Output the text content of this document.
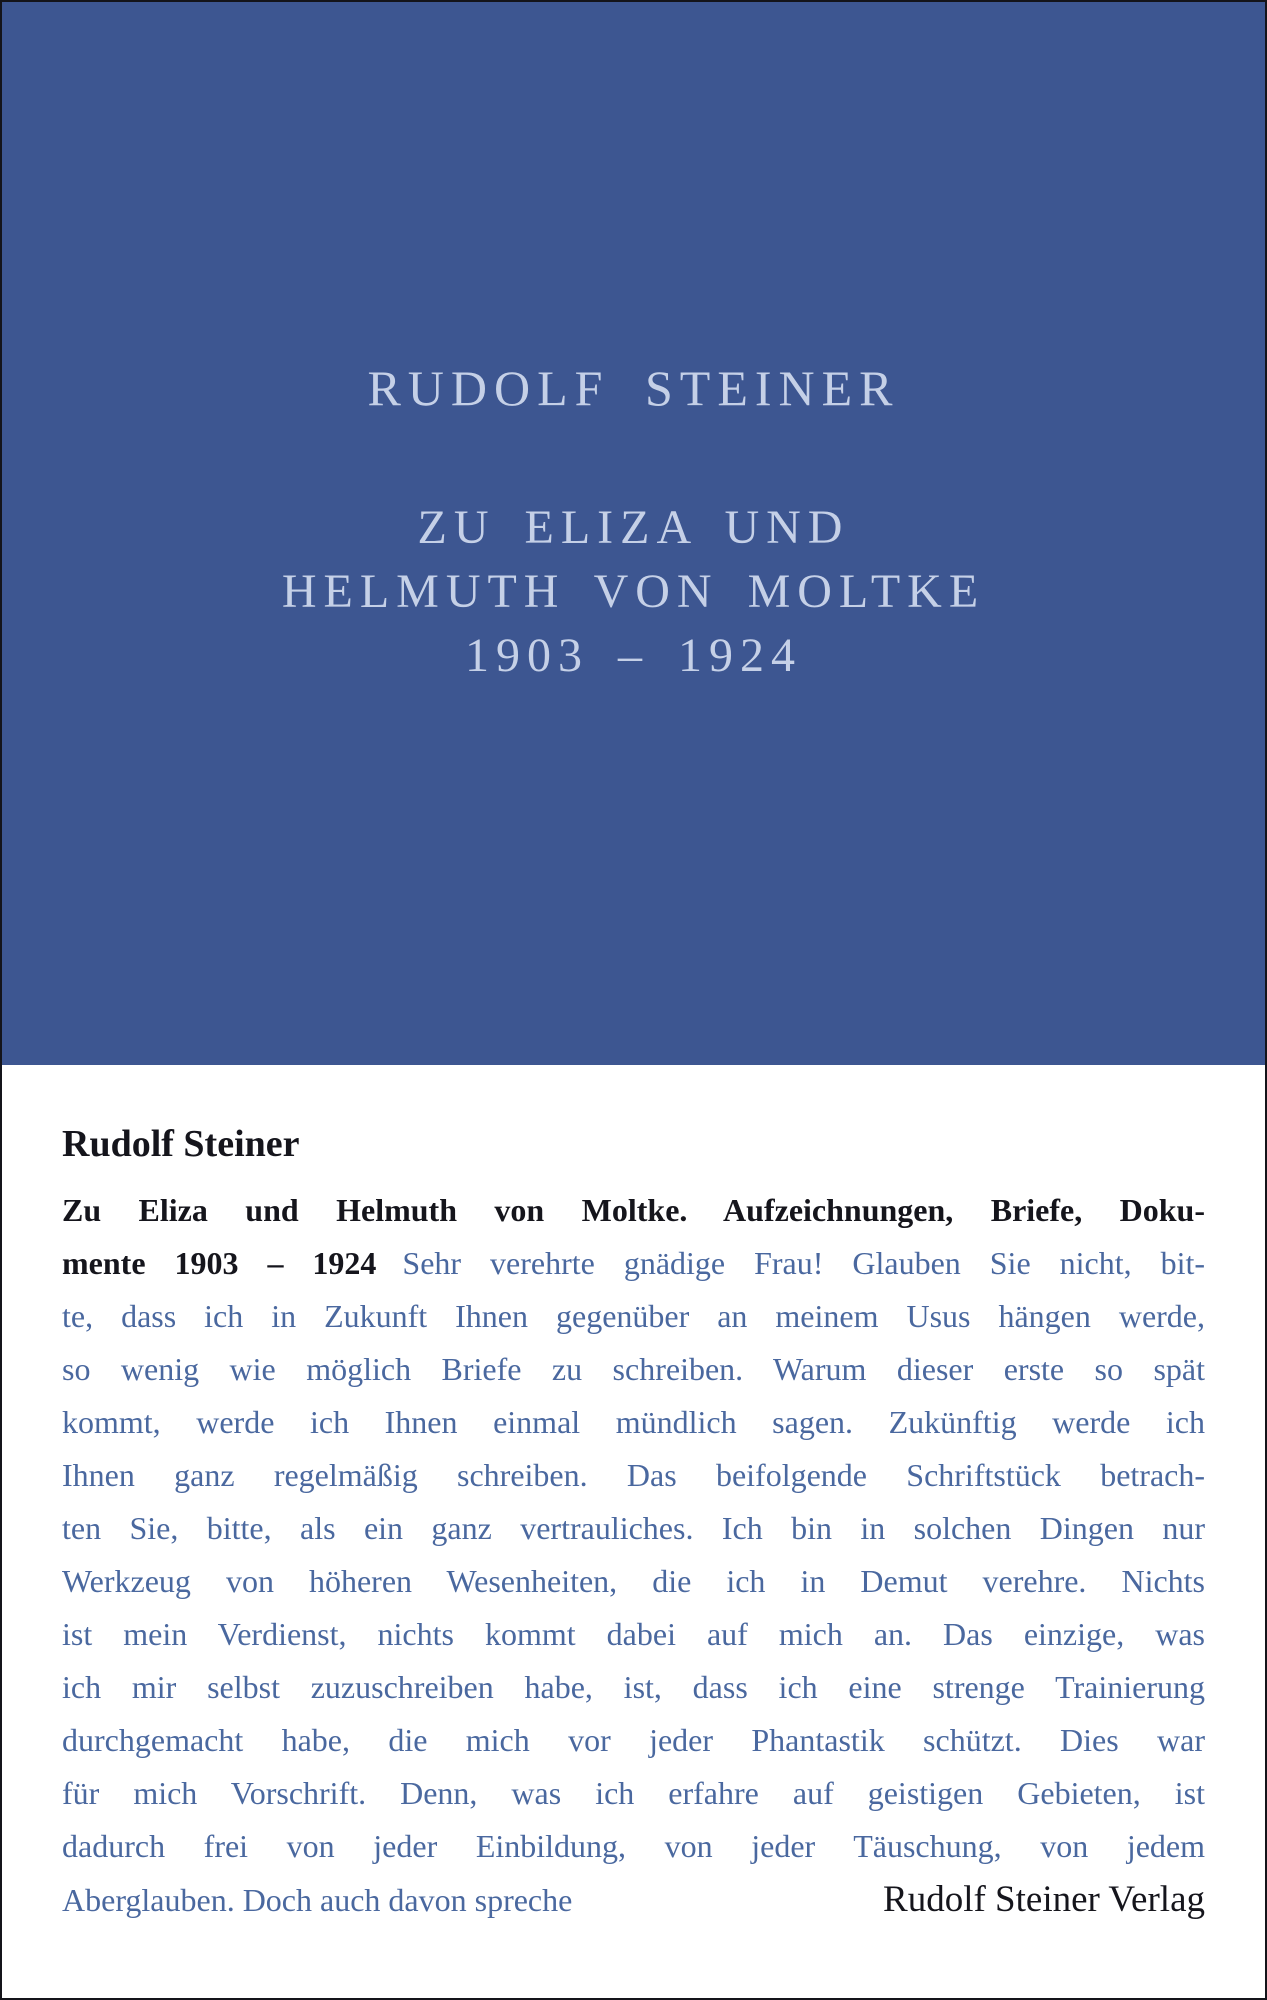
RUDOLF STEINER
ZU ELIZA UND
HELMUTH VON MOLTKE
1903 – 1924
Rudolf Steiner
Zu Eliza und Helmuth von Moltke. Aufzeichnungen, Briefe, Doku-
mente 1903 – 1924 Sehr verehrte gnädige Frau! Glauben Sie nicht, bit-
te, dass ich in Zukunft Ihnen gegenüber an meinem Usus hängen werde,
so wenig wie möglich Briefe zu schreiben. Warum dieser erste so spät
kommt, werde ich Ihnen einmal mündlich sagen. Zukünftig werde ich
Ihnen ganz regelmäßig schreiben. Das beifolgende Schriftstück betrach-
ten Sie, bitte, als ein ganz vertrauliches. Ich bin in solchen Dingen nur
Werkzeug von höheren Wesenheiten, die ich in Demut verehre. Nichts
ist mein Verdienst, nichts kommt dabei auf mich an. Das einzige, was
ich mir selbst zuzuschreiben habe, ist, dass ich eine strenge Trainierung
durchgemacht habe, die mich vor jeder Phantastik schützt. Dies war
für mich Vorschrift. Denn, was ich erfahre auf geistigen Gebieten, ist
dadurch frei von jeder Einbildung, von jeder Täuschung, von jedem
Aberglauben. Doch auch davon spreche	Rudolf Steiner Verlag
